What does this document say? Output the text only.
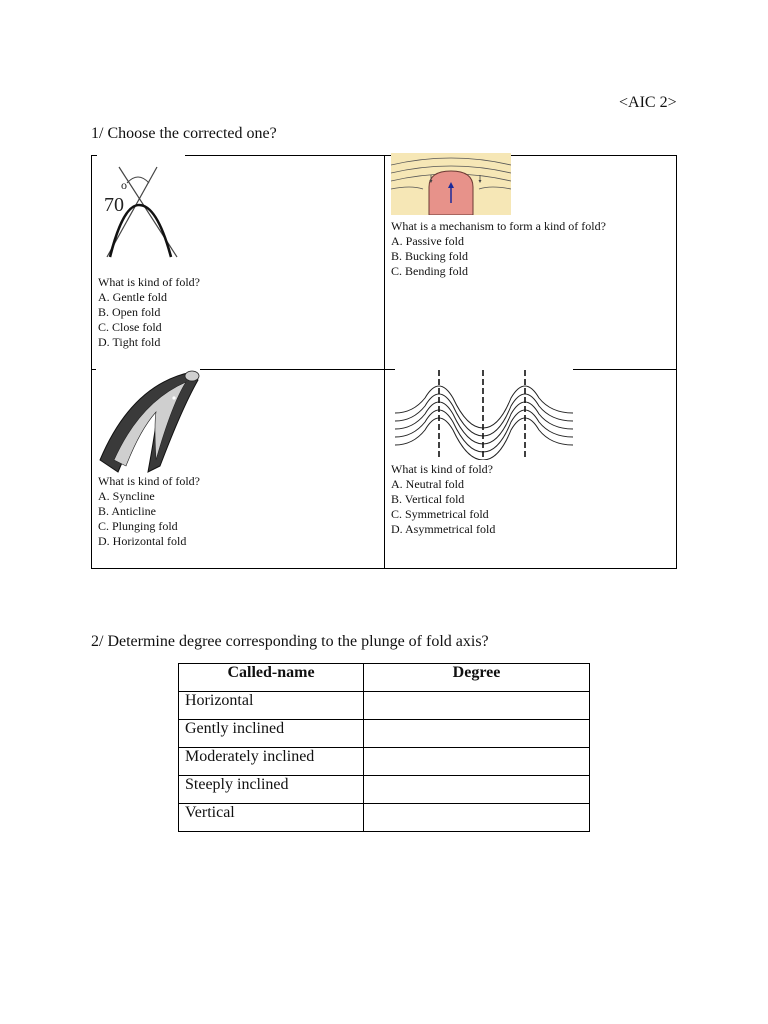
<AIC 2>
1/ Choose the corrected one?
70
o
What is kind of fold?
A. Gentle fold
B. Open fold
C. Close fold
D. Tight fold
What is a mechanism to form a kind of fold?
A. Passive fold
B. Bucking fold
C. Bending fold
What is kind of fold?
A. Syncline
B. Anticline
C. Plunging fold
D. Horizontal fold
What is kind of fold?
A. Neutral fold
B. Vertical fold
C. Symmetrical fold
D. Asymmetrical fold
2/ Determine degree corresponding to the plunge of fold axis?
Called-name	Degree
Horizontal	
Gently inclined	
Moderately inclined	
Steeply inclined	
Vertical	
